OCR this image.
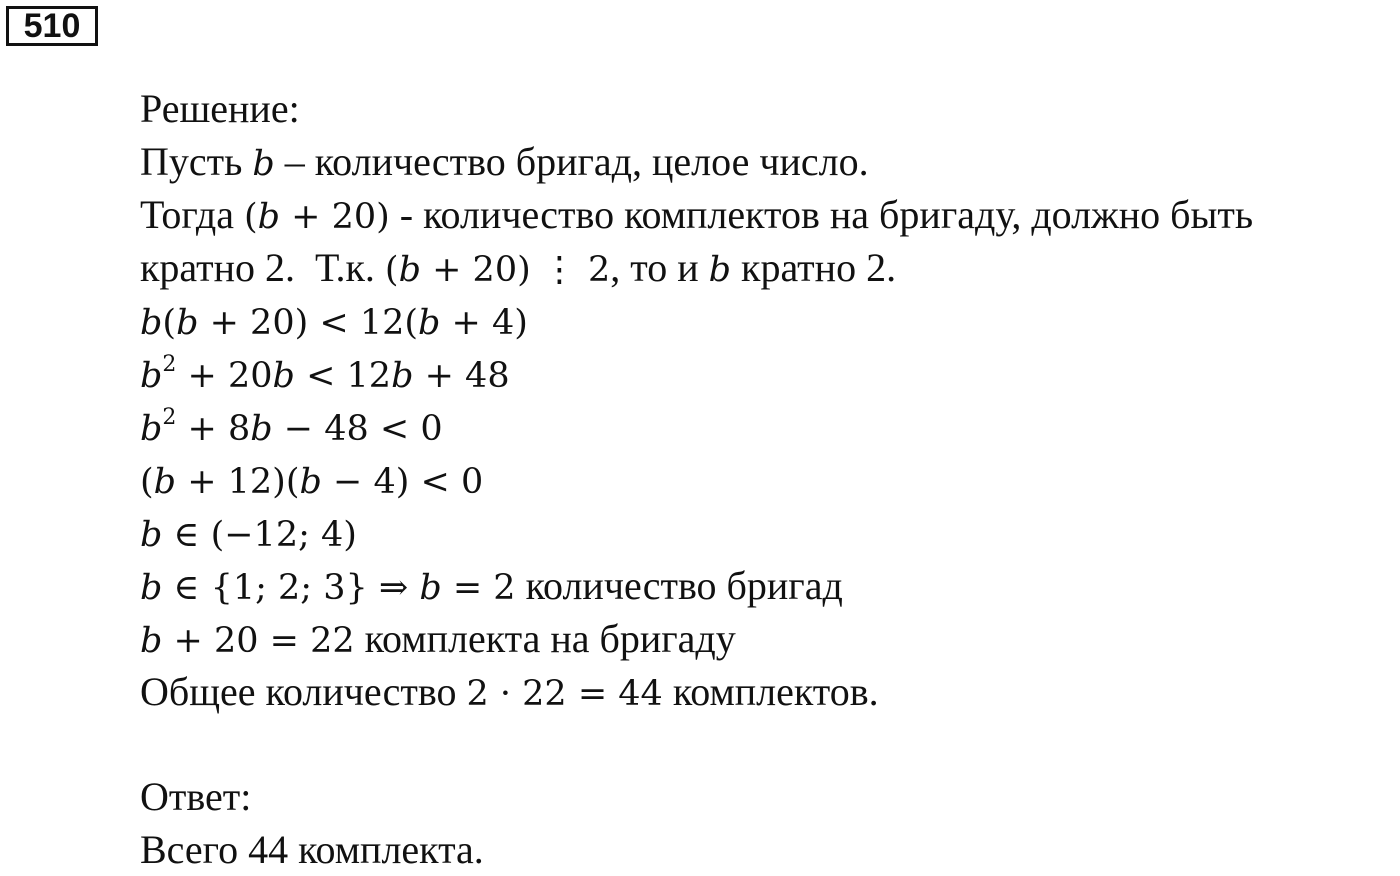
510
Решение:
Пусть b – количество бригад, целое число.
Тогда (b + 20) - количество комплектов на бригаду, должно быть
кратно 2.  Т.к. (b + 20) ⋮ 2, то и b кратно 2.
b(b + 20) < 12(b + 4)
$b^2 + 20b < 12b + 48$
$b^2 + 8b - 48 < 0$
(b + 12)(b − 4) < 0
b ∈ (−12; 4)
b ∈ {1; 2; 3} ⇒ b = 2 количество бригад
b + 20 = 22 комплекта на бригаду
Общее количество 2 · 22 = 44 комплектов.
Ответ:
Всего 44 комплекта.
